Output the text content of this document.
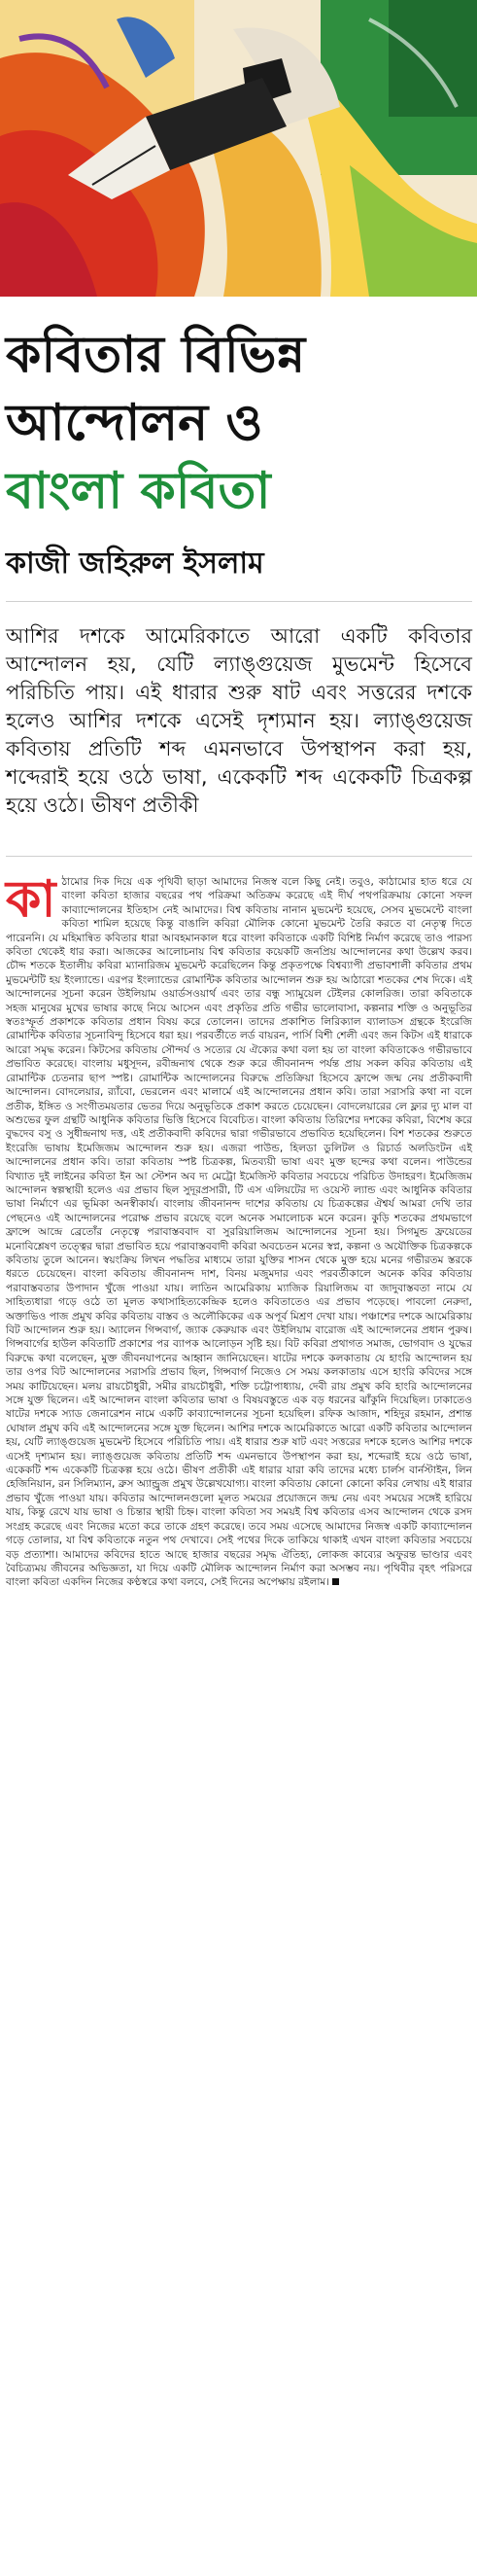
কবিতার বিভিন্ন
আন্দোলন ও
বাংলা কবিতা
কাজী জহিরুল ইসলাম
আশির দশকে আমেরিকাতে আরো একটি কবিতার আন্দোলন হয়, যেটি ল্যাঙ্গুয়েজ মুভমেন্ট হিসেবে পরিচিতি পায়। এই ধারার শুরু ষাট এবং সত্তরের দশকে হলেও আশির দশকে এসেই দৃশ্যমান হয়। ল্যাঙ্গুয়েজ কবিতায় প্রতিটি শব্দ এমনভাবে উপস্থাপন করা হয়, শব্দেরাই হয়ে ওঠে ভাষা, একেকটি শব্দ একেকটি চিত্রকল্প হয়ে ওঠে। ভীষণ প্রতীকী
কাঠামোর দিক দিয়ে এক পৃথিবী ছাড়া আমাদের নিজস্ব বলে কিছু নেই। তবুও, কাঠামোর হাত ধরে যে বাংলা কবিতা হাজার বছরের পথ পরিক্রমা অতিক্রম করেছে এই দীর্ঘ পথপরিক্রমায় কোনো সফল কাব্যান্দোলনের ইতিহাস নেই আমাদের। বিশ্ব কবিতায় নানান মুভমেন্ট হয়েছে, সেসব মুভমেন্টে বাংলা কবিতা শামিল হয়েছে কিন্তু বাঙালি কবিরা মৌলিক কোনো মুভমেন্ট তৈরি করতে বা নেতৃত্ব দিতে পারেননি। যে মহিমান্বিত কবিতার ধারা আবহমানকাল ধরে বাংলা কবিতাকে একটি বিশিষ্ট নির্মাণ করেছে তাও পারস্য কবিতা থেকেই ধার করা। আজকের আলোচনায় বিশ্ব কবিতার কয়েকটি জনপ্রিয় আন্দোলনের কথা উল্লেখ করব। চৌদ্দ শতকে ইতালীয় কবিরা ম্যানারিজম মুভমেন্ট করেছিলেন কিন্তু প্রকৃতপক্ষে বিশ্বব্যাপী প্রভাবশালী কবিতার প্রথম মুভমেন্টটি হয় ইংল্যান্ডে। এরপর ইংল্যান্ডের রোমান্টিক কবিতার আন্দোলন শুরু হয় আঠারো শতকের শেষ দিকে। এই আন্দোলনের সূচনা করেন উইলিয়াম ওয়ার্ডসওয়ার্থ এবং তার বন্ধু স্যামুয়েল টেইলর কোলরিজ। তারা কবিতাকে সহজ মানুষের মুখের ভাষার কাছে নিয়ে আসেন এবং প্রকৃতির প্রতি গভীর ভালোবাসা, কল্পনার শক্তি ও অনুভূতির স্বতঃস্ফূর্ত প্রকাশকে কবিতার প্রধান বিষয় করে তোলেন। তাদের প্রকাশিত লিরিক্যাল ব্যালাডস গ্রন্থকে ইংরেজি রোমান্টিক কবিতার সূচনাবিন্দু হিসেবে ধরা হয়। পরবর্তীতে লর্ড বায়রন, পার্সি বিশী শেলী এবং জন কিটস এই ধারাকে আরো সমৃদ্ধ করেন। কিটসের কবিতায় সৌন্দর্য ও সত্যের যে ঐক্যের কথা বলা হয় তা বাংলা কবিতাকেও গভীরভাবে প্রভাবিত করেছে। বাংলায় মধুসূদন, রবীন্দ্রনাথ থেকে শুরু করে জীবনানন্দ পর্যন্ত প্রায় সকল কবির কবিতায় এই রোমান্টিক চেতনার ছাপ স্পষ্ট। রোমান্টিক আন্দোলনের বিরুদ্ধে প্রতিক্রিয়া হিসেবে ফ্রান্সে জন্ম নেয় প্রতীকবাদী আন্দোলন। বোদলেয়ার, র‍্যাঁবো, ভেরলেন এবং মালার্মে এই আন্দোলনের প্রধান কবি। তারা সরাসরি কথা না বলে প্রতীক, ইঙ্গিত ও সংগীতময়তার ভেতর দিয়ে অনুভূতিকে প্রকাশ করতে চেয়েছেন। বোদলেয়ারের লে ফ্ল্যর দ্যু মাল বা অশুভের ফুল গ্রন্থটি আধুনিক কবিতার ভিত্তি হিসেবে বিবেচিত। বাংলা কবিতায় তিরিশের দশকের কবিরা, বিশেষ করে বুদ্ধদেব বসু ও সুধীন্দ্রনাথ দত্ত, এই প্রতীকবাদী কবিদের দ্বারা গভীরভাবে প্রভাবিত হয়েছিলেন। বিশ শতকের শুরুতে ইংরেজি ভাষায় ইমেজিজম আন্দোলন শুরু হয়। এজরা পাউন্ড, হিলডা ডুলিটল ও রিচার্ড অলডিংটন এই আন্দোলনের প্রধান কবি। তারা কবিতায় স্পষ্ট চিত্রকল্প, মিতব্যয়ী ভাষা এবং মুক্ত ছন্দের কথা বলেন। পাউন্ডের বিখ্যাত দুই লাইনের কবিতা ইন আ স্টেশন অব দ্য মেট্রো ইমেজিস্ট কবিতার সবচেয়ে পরিচিত উদাহরণ। ইমেজিজম আন্দোলন স্বল্পস্থায়ী হলেও এর প্রভাব ছিল সুদূরপ্রসারী, টি এস এলিয়টের দ্য ওয়েস্ট ল্যান্ড এবং আধুনিক কবিতার ভাষা নির্মাণে এর ভূমিকা অনস্বীকার্য। বাংলায় জীবনানন্দ দাশের কবিতায় যে চিত্রকল্পের ঐশ্বর্য আমরা দেখি তার পেছনেও এই আন্দোলনের পরোক্ষ প্রভাব রয়েছে বলে অনেক সমালোচক মনে করেন। কুড়ি শতকের প্রথমভাগে ফ্রান্সে আন্দ্রে ব্রেতোঁর নেতৃত্বে পরাবাস্তববাদ বা সুররিয়ালিজম আন্দোলনের সূচনা হয়। সিগমুন্ড ফ্রয়েডের মনোবিশ্লেষণ তত্ত্বের দ্বারা প্রভাবিত হয়ে পরাবাস্তববাদী কবিরা অবচেতন মনের স্বপ্ন, কল্পনা ও অযৌক্তিক চিত্রকল্পকে কবিতায় তুলে আনেন। স্বয়ংক্রিয় লিখন পদ্ধতির মাধ্যমে তারা যুক্তির শাসন থেকে মুক্ত হয়ে মনের গভীরতম স্তরকে ধরতে চেয়েছেন। বাংলা কবিতায় জীবনানন্দ দাশ, বিনয় মজুমদার এবং পরবর্তীকালে অনেক কবির কবিতায় পরাবাস্তবতার উপাদান খুঁজে পাওয়া যায়। লাতিন আমেরিকায় ম্যাজিক রিয়ালিজম বা জাদুবাস্তবতা নামে যে সাহিত্যধারা গড়ে ওঠে তা মূলত কথাসাহিত্যকেন্দ্রিক হলেও কবিতাতেও এর প্রভাব পড়েছে। পাবলো নেরুদা, অক্তাভিও পাজ প্রমুখ কবির কবিতায় বাস্তব ও অলৌকিকের এক অপূর্ব মিশ্রণ দেখা যায়। পঞ্চাশের দশকে আমেরিকায় বিট আন্দোলন শুরু হয়। অ্যালেন গিন্সবার্গ, জ্যাক কেরুয়াক এবং উইলিয়াম বারোজ এই আন্দোলনের প্রধান পুরুষ। গিন্সবার্গের হাউল কবিতাটি প্রকাশের পর ব্যাপক আলোড়ন সৃষ্টি হয়। বিট কবিরা প্রথাগত সমাজ, ভোগবাদ ও যুদ্ধের বিরুদ্ধে কথা বলেছেন, মুক্ত জীবনযাপনের আহ্বান জানিয়েছেন। ষাটের দশকে কলকাতায় যে হাংরি আন্দোলন হয় তার ওপর বিট আন্দোলনের সরাসরি প্রভাব ছিল, গিন্সবার্গ নিজেও সে সময় কলকাতায় এসে হাংরি কবিদের সঙ্গে সময় কাটিয়েছেন। মলয় রায়চৌধুরী, সমীর রায়চৌধুরী, শক্তি চট্টোপাধ্যায়, দেবী রায় প্রমুখ কবি হাংরি আন্দোলনের সঙ্গে যুক্ত ছিলেন। এই আন্দোলন বাংলা কবিতার ভাষা ও বিষয়বস্তুতে এক বড় ধরনের ঝাঁকুনি দিয়েছিল। ঢাকাতেও ষাটের দশকে স্যাড জেনারেশন নামে একটি কাব্যান্দোলনের সূচনা হয়েছিল। রফিক আজাদ, শহিদুর রহমান, প্রশান্ত ঘোষাল প্রমুখ কবি এই আন্দোলনের সঙ্গে যুক্ত ছিলেন। আশির দশকে আমেরিকাতে আরো একটি কবিতার আন্দোলন হয়, যেটি ল্যাঙ্গুয়েজ মুভমেন্ট হিসেবে পরিচিতি পায়। এই ধারার শুরু ষাট এবং সত্তরের দশকে হলেও আশির দশকে এসেই দৃশ্যমান হয়। ল্যাঙ্গুয়েজ কবিতায় প্রতিটি শব্দ এমনভাবে উপস্থাপন করা হয়, শব্দেরাই হয়ে ওঠে ভাষা, একেকটি শব্দ একেকটি চিত্রকল্প হয়ে ওঠে। ভীষণ প্রতীকী এই ধারার যারা কবি তাদের মধ্যে চার্লস বার্নস্টাইন, লিন হেজিনিয়ান, রন সিলিম্যান, ব্রুস অ্যান্ড্রুজ প্রমুখ উল্লেখযোগ্য। বাংলা কবিতায় কোনো কোনো কবির লেখায় এই ধারার প্রভাব খুঁজে পাওয়া যায়। কবিতার আন্দোলনগুলো মূলত সময়ের প্রয়োজনে জন্ম নেয় এবং সময়ের সঙ্গেই হারিয়ে যায়, কিন্তু রেখে যায় ভাষা ও চিন্তার স্থায়ী চিহ্ন। বাংলা কবিতা সব সময়ই বিশ্ব কবিতার এসব আন্দোলন থেকে রসদ সংগ্রহ করেছে এবং নিজের মতো করে তাকে গ্রহণ করেছে। তবে সময় এসেছে আমাদের নিজস্ব একটি কাব্যান্দোলন গড়ে তোলার, যা বিশ্ব কবিতাকে নতুন পথ দেখাবে। সেই পথের দিকে তাকিয়ে থাকাই এখন বাংলা কবিতার সবচেয়ে বড় প্রত্যাশা। আমাদের কবিদের হাতে আছে হাজার বছরের সমৃদ্ধ ঐতিহ্য, লোকজ কাব্যের অফুরন্ত ভাণ্ডার এবং বৈচিত্র্যময় জীবনের অভিজ্ঞতা, যা দিয়ে একটি মৌলিক আন্দোলন নির্মাণ করা অসম্ভব নয়। পৃথিবীর বৃহৎ পরিসরে বাংলা কবিতা একদিন নিজের কণ্ঠস্বরে কথা বলবে, সেই দিনের অপেক্ষায় রইলাম।
